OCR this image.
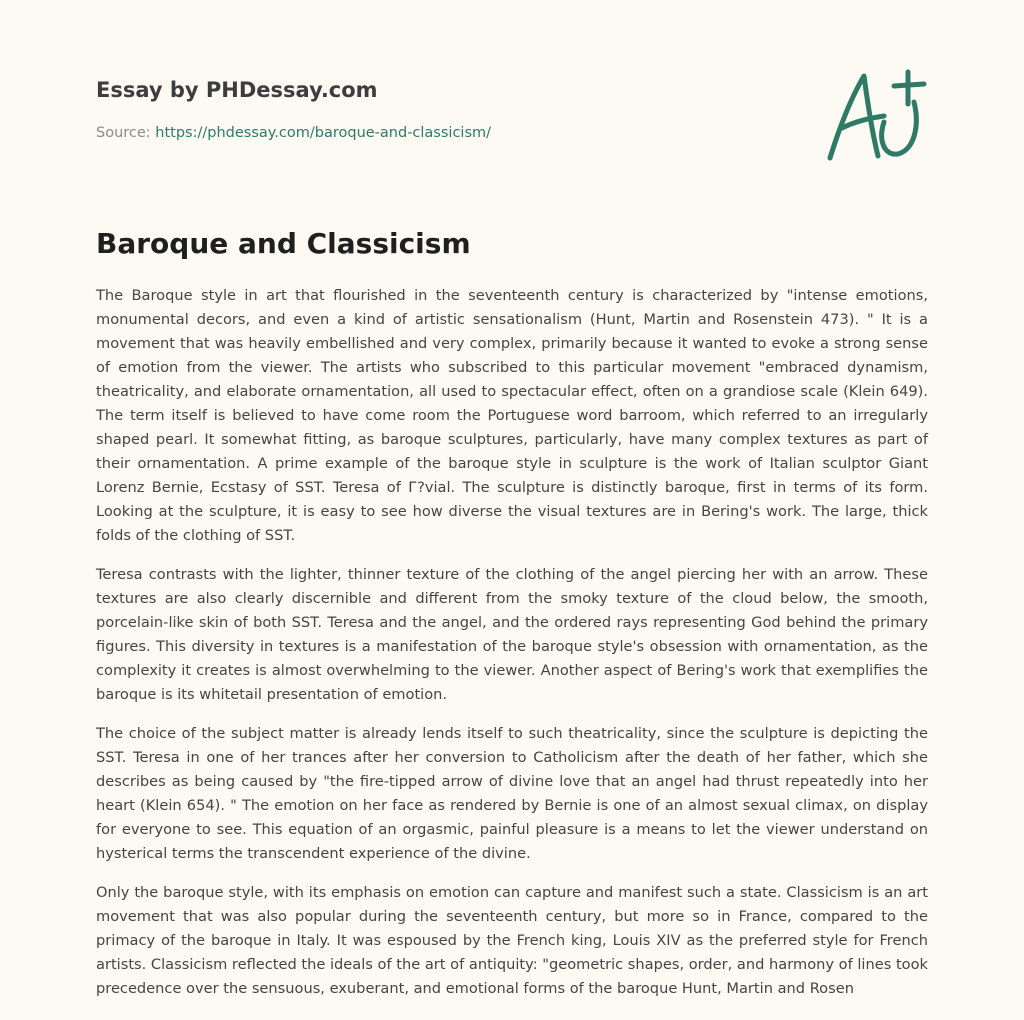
Essay by PHDessay.com
Source: https://phdessay.com/baroque-and-classicism/
Baroque and Classicism

The Baroque style in art that flourished in the seventeenth century is characterized by "intense emotions, monumental decors, and even a kind of artistic sensationalism (Hunt, Martin and Rosenstein 473). " It is a movement that was heavily embellished and very complex, primarily because it wanted to evoke a strong sense of emotion from the viewer. The artists who subscribed to this particular movement "embraced dynamism, theatricality, and elaborate ornamentation, all used to spectacular effect, often on a grandiose scale (Klein 649). The term itself is believed to have come room the Portuguese word barroom, which referred to an irregularly shaped pearl. It somewhat fitting, as baroque sculptures, particularly, have many complex textures as part of their ornamentation. A prime example of the baroque style in sculpture is the work of Italian sculptor Giant Lorenz Bernie, Ecstasy of SST. Teresa of Г?vial. The sculpture is distinctly baroque, first in terms of its form. Looking at the sculpture, it is easy to see how diverse the visual textures are in Bering's work. The large, thick folds of the clothing of SST.

Teresa contrasts with the lighter, thinner texture of the clothing of the angel piercing her with an arrow. These textures are also clearly discernible and different from the smoky texture of the cloud below, the smooth, porcelain-like skin of both SST. Teresa and the angel, and the ordered rays representing God behind the primary figures. This diversity in textures is a manifestation of the baroque style's obsession with ornamentation, as the complexity it creates is almost overwhelming to the viewer. Another aspect of Bering's work that exemplifies the baroque is its whitetail presentation of emotion.

The choice of the subject matter is already lends itself to such theatricality, since the sculpture is depicting the SST. Teresa in one of her trances after her conversion to Catholicism after the death of her father, which she describes as being caused by "the fire-tipped arrow of divine love that an angel had thrust repeatedly into her heart (Klein 654). " The emotion on her face as rendered by Bernie is one of an almost sexual climax, on display for everyone to see. This equation of an orgasmic, painful pleasure is a means to let the viewer understand on hysterical terms the transcendent experience of the divine.

Only the baroque style, with its emphasis on emotion can capture and manifest such a state. Classicism is an art movement that was also popular during the seventeenth century, but more so in France, compared to the primacy of the baroque in Italy. It was espoused by the French king, Louis XIV as the preferred style for French artists. Classicism reflected the ideals of the art of antiquity: "geometric shapes, order, and harmony of lines took precedence over the sensuous, exuberant, and emotional forms of the baroque Hunt, Martin and Rosen
